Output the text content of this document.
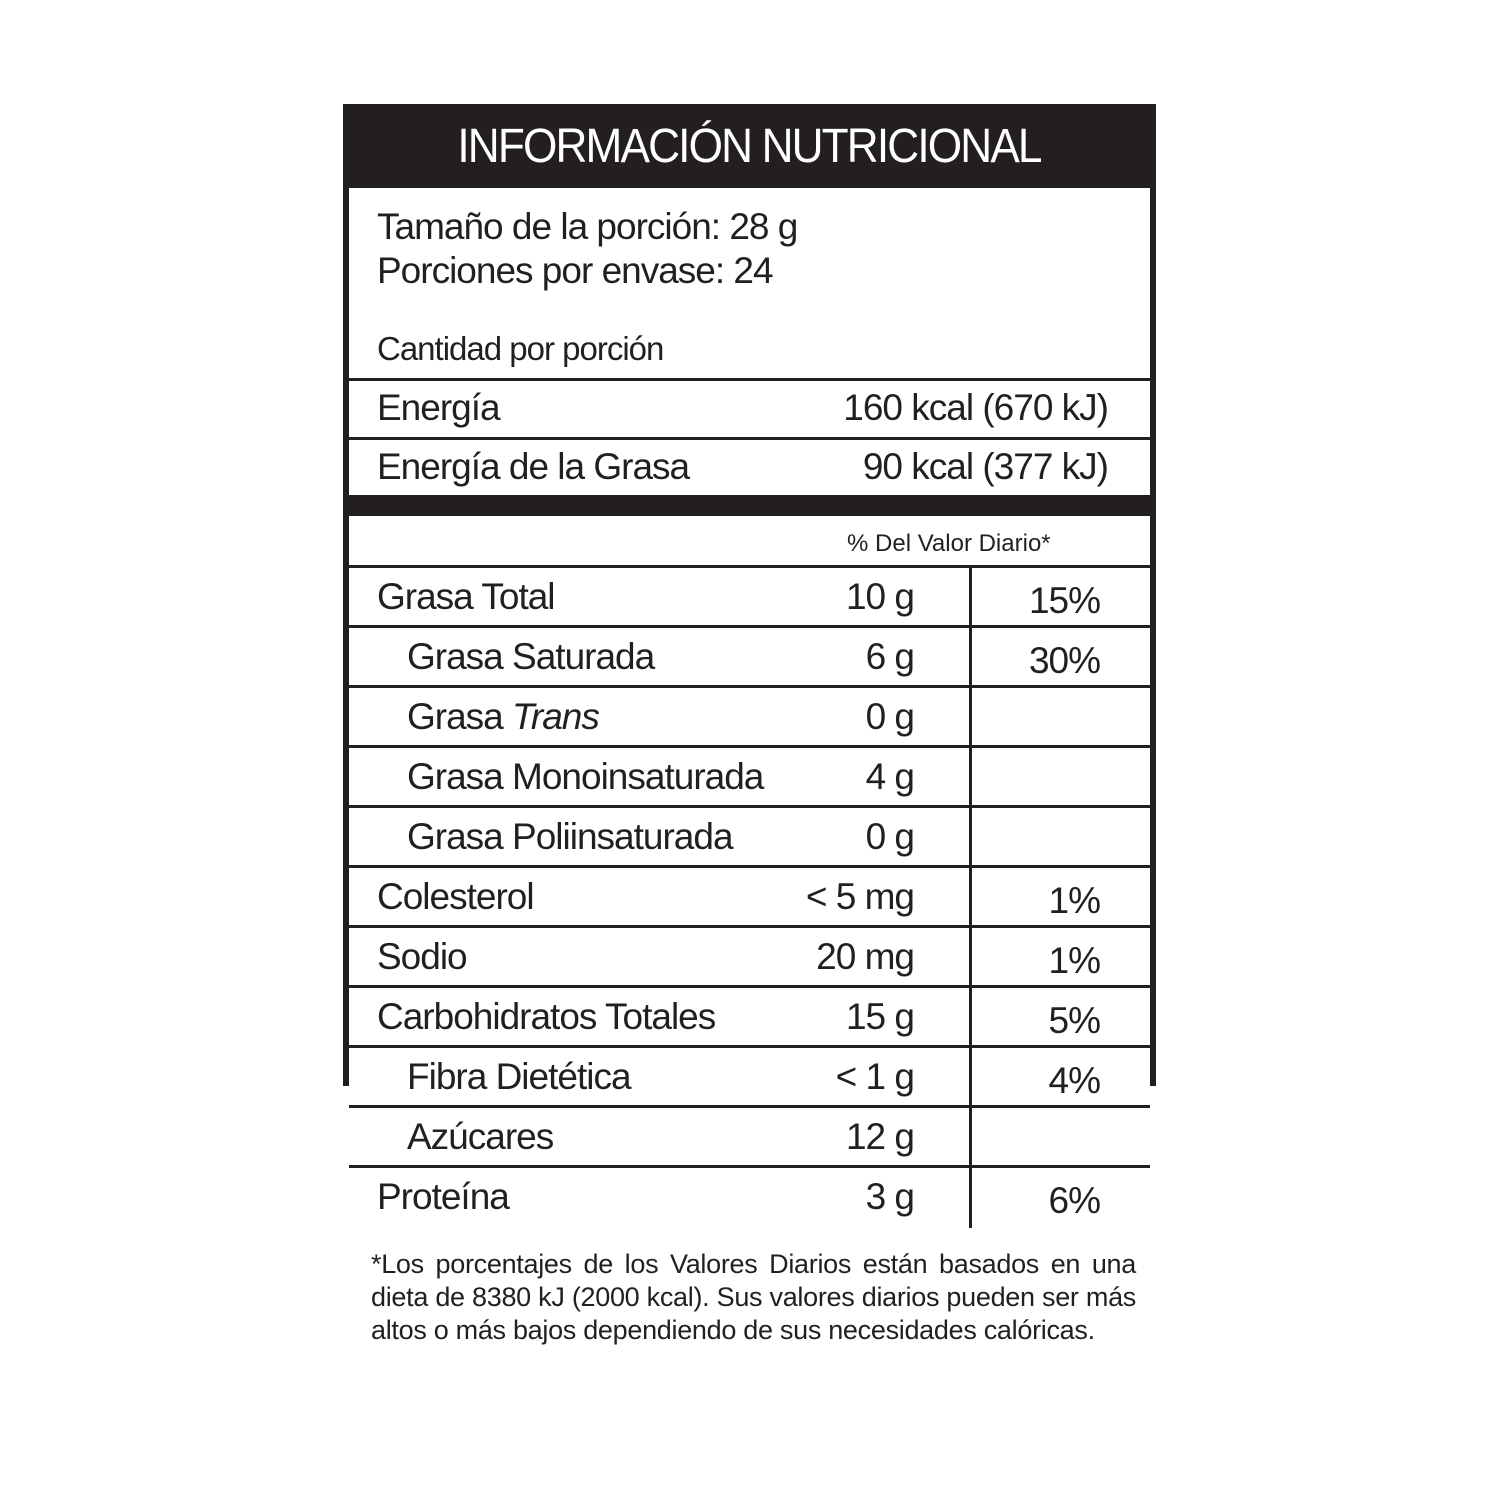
INFORMACIÓN NUTRICIONAL
Tamaño de la porción: 28 g
Porciones por envase: 24
Cantidad por porción
Energía	160 kcal (670 kJ)
Energía de la Grasa	90 kcal (377 kJ)
% Del Valor Diario*
Grasa Total	10 g	15%
Grasa Saturada	6 g	30%
Grasa Trans	0 g
Grasa Monoinsaturada	4 g
Grasa Poliinsaturada	0 g
Colesterol	< 5 mg	1%
Sodio	20 mg	1%
Carbohidratos Totales	15 g	5%
Fibra Dietética	< 1 g	4%
Azúcares	12 g
Proteína	3 g	6%
*Los porcentajes de los Valores Diarios están basados en una dieta de 8380 kJ (2000 kcal). Sus valores diarios pueden ser más altos o más bajos dependiendo de sus necesidades calóricas.
